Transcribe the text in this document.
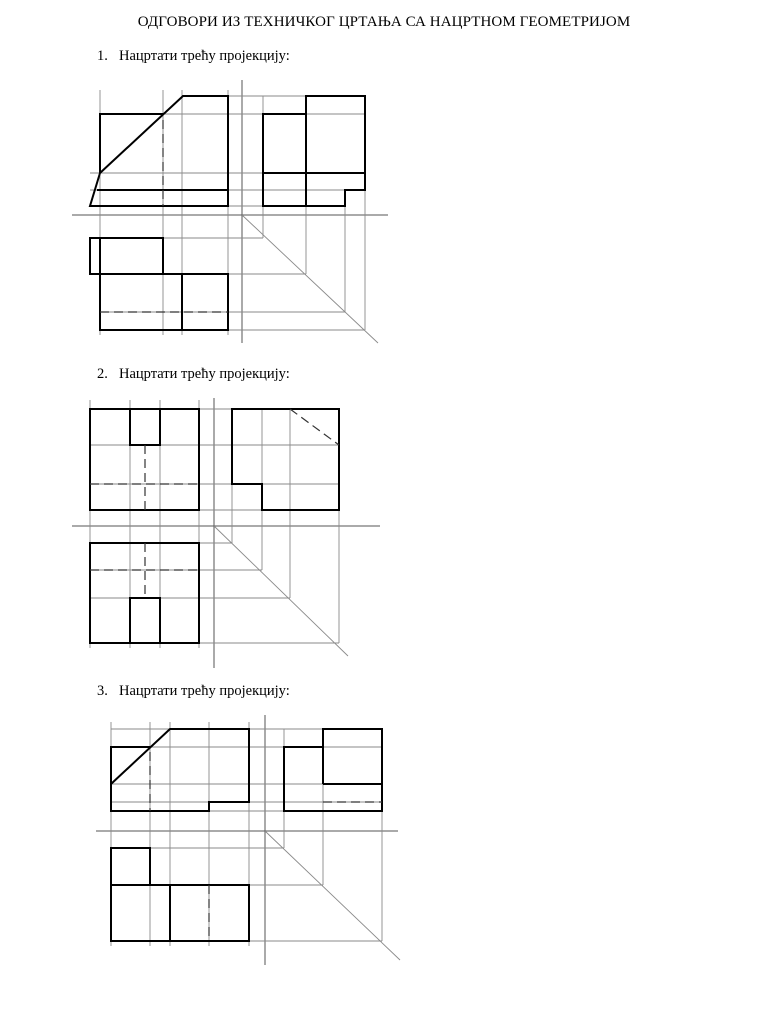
ОДГОВОРИ ИЗ ТЕХНИЧКОГ ЦРТАЊА СА НАЦРТНОМ ГЕОМЕТРИЈОМ
1. Нацртати трећу пројекцију:
2. Нацртати трећу пројекцију:
3. Нацртати трећу пројекцију:
